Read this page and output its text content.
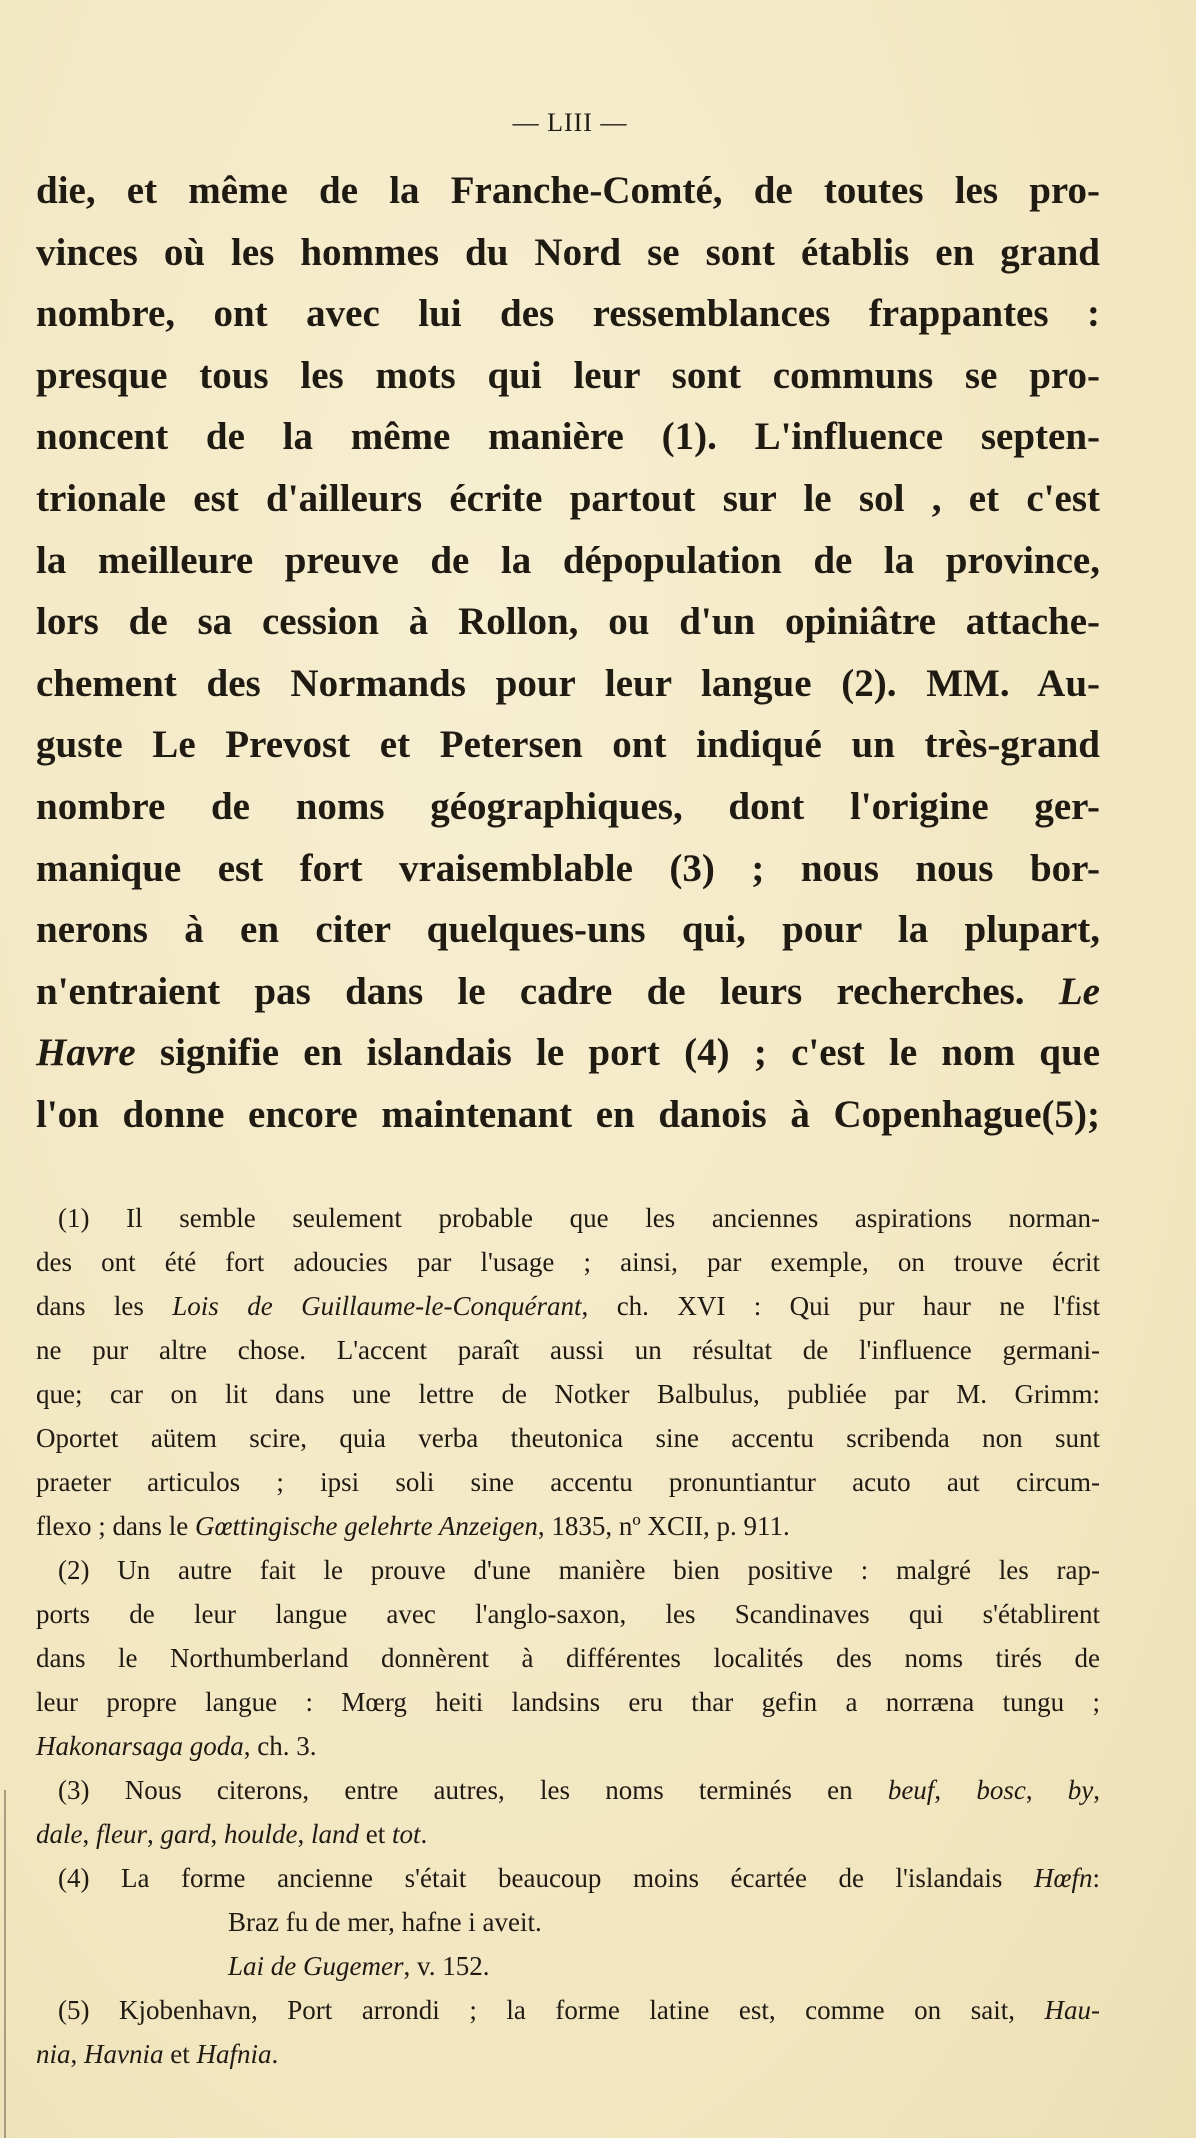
— LIII —
die, et même de la Franche-Comté, de toutes les pro-
vinces où les hommes du Nord se sont établis en grand
nombre, ont avec lui des ressemblances frappantes :
presque tous les mots qui leur sont communs se pro-
noncent de la même manière (1). L'influence septen-
trionale est d'ailleurs écrite partout sur le sol , et c'est
la meilleure preuve de la dépopulation de la province,
lors de sa cession à Rollon, ou d'un opiniâtre attache-
chement des Normands pour leur langue (2). MM. Au-
guste Le Prevost et Petersen ont indiqué un très-grand
nombre de noms géographiques, dont l'origine ger-
manique est fort vraisemblable (3) ; nous nous bor-
nerons à en citer quelques-uns qui, pour la plupart,
n'entraient pas dans le cadre de leurs recherches. Le
Havre signifie en islandais le port (4) ; c'est le nom que
l'on donne encore maintenant en danois à Copenhague(5);
(1) Il semble seulement probable que les anciennes aspirations norman-
des ont été fort adoucies par l'usage ; ainsi, par exemple, on trouve écrit
dans les Lois de Guillaume-le-Conquérant, ch. XVI : Qui pur haur ne l'fist
ne pur altre chose. L'accent paraît aussi un résultat de l'influence germani-
que; car on lit dans une lettre de Notker Balbulus, publiée par M. Grimm:
Oportet aütem scire, quia verba theutonica sine accentu scribenda non sunt
praeter articulos ; ipsi soli sine accentu pronuntiantur acuto aut circum-
flexo ; dans le Gœttingische gelehrte Anzeigen, 1835, nº XCII, p. 911.
(2) Un autre fait le prouve d'une manière bien positive : malgré les rap-
ports de leur langue avec l'anglo-saxon, les Scandinaves qui s'établirent
dans le Northumberland donnèrent à différentes localités des noms tirés de
leur propre langue : Mœrg heiti landsins eru thar gefin a norræna tungu ;
Hakonarsaga goda, ch. 3.
(3) Nous citerons, entre autres, les noms terminés en beuf, bosc, by,
dale, fleur, gard, houlde, land et tot.
(4) La forme ancienne s'était beaucoup moins écartée de l'islandais Hœfn:
Braz fu de mer, hafne i aveit.
Lai de Gugemer, v. 152.
(5) Kjobenhavn, Port arrondi ; la forme latine est, comme on sait, Hau-
nia, Havnia et Hafnia.
